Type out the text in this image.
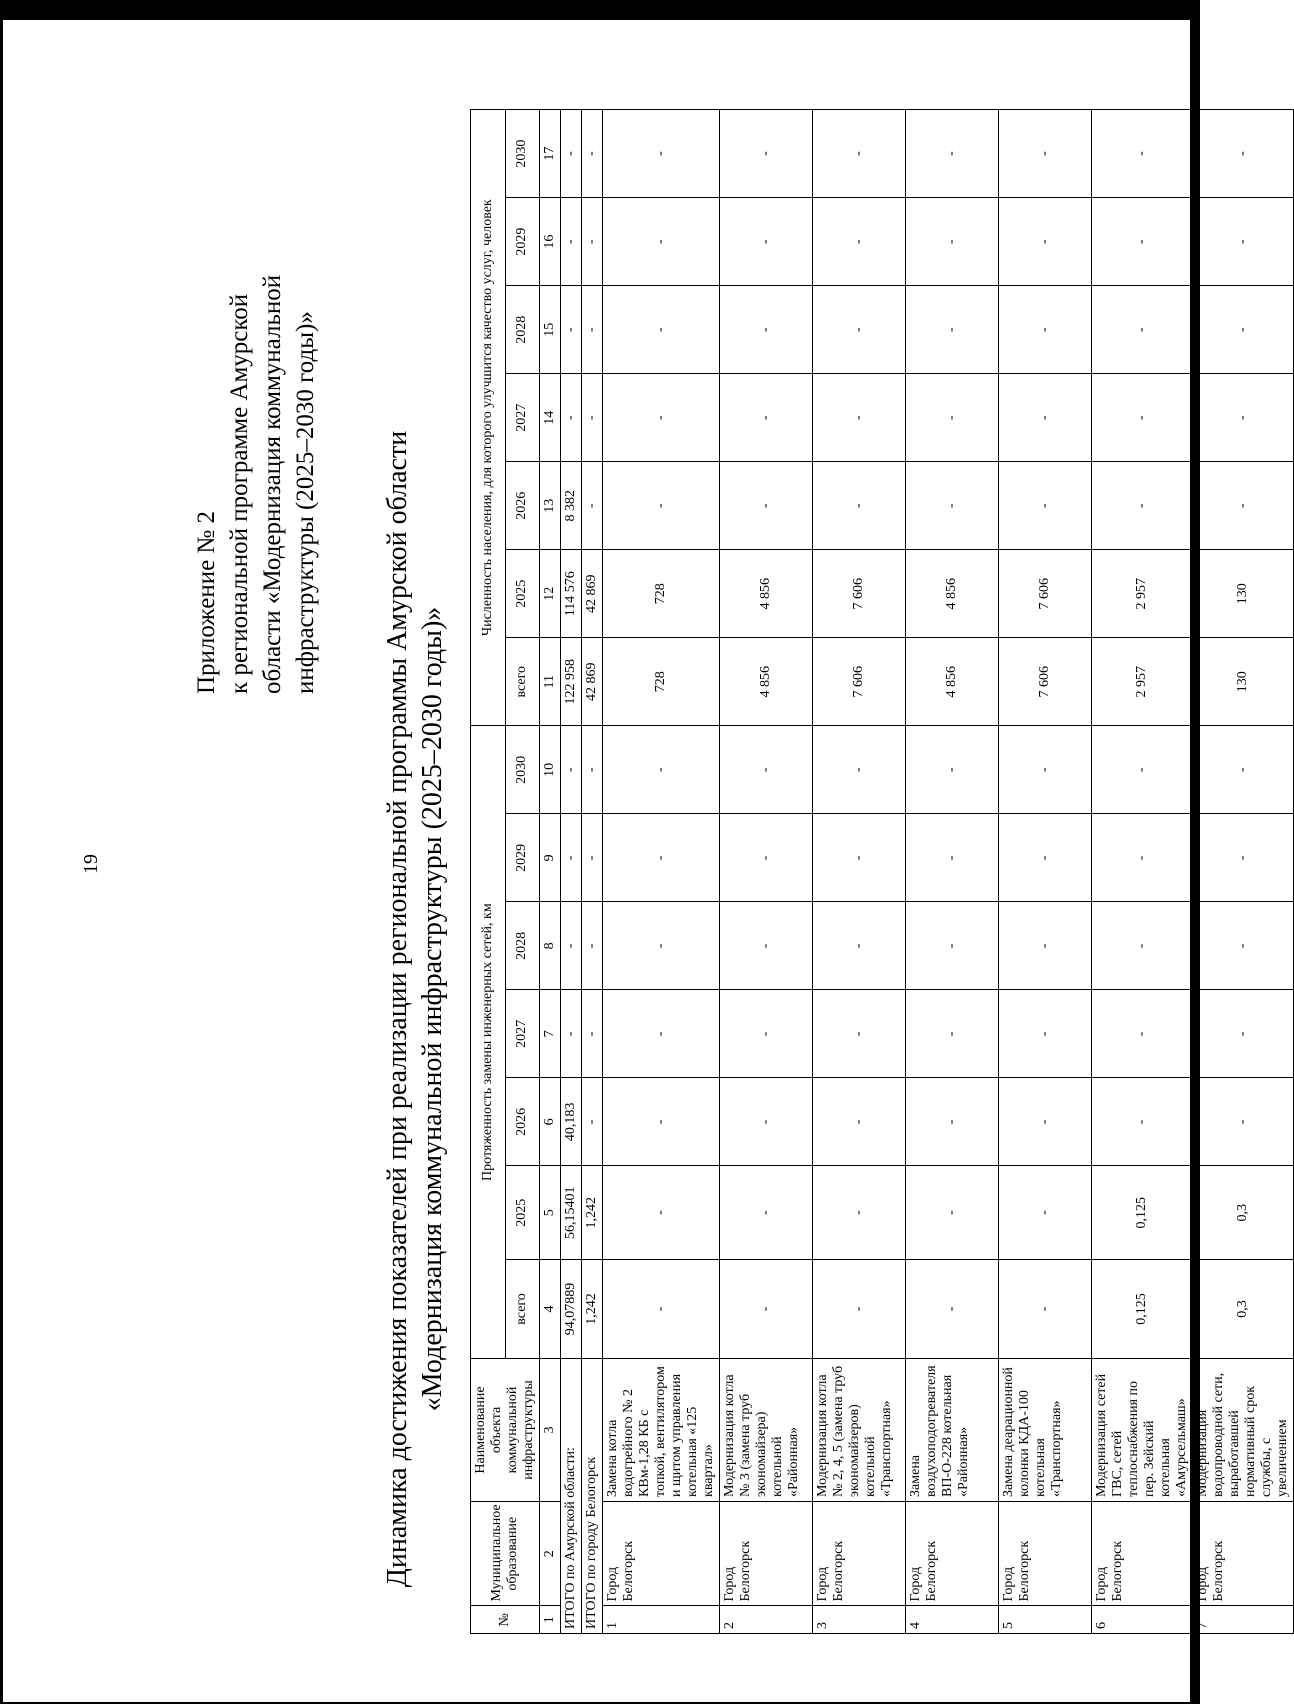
19
Приложение № 2 к региональной программе Амурской области «Модернизация коммунальной инфраструктуры (2025–2030 годы)» Динамика достижения показателей при реализации региональной программы Амурской области «Модернизация коммунальной инфраструктуры (2025–2030 годы)»
№	Муниципальное образование	Наименование объекта коммунальной инфраструктуры	Протяженность замены инженерных сетей, км							Численность населения, для которого улучшится качество услуг, человек						
			всего	2025	2026	2027	2028	2029	2030	всего	2025	2026	2027	2028	2029	2030
1	2	3	4	5	6	7	8	9	10	11	12	13	14	15	16	17
ИТОГО по Амурской области:			94,07889	56,15401	40,183	-	-	-	-	122 958	114 576	8 382	-	-	-	-
ИТОГО по городу Белогорск			1,242	1,242	-	-	-	-	-	42 869	42 869	-	-	-	-	-
1	Город Белогорск	Замена котла водогрейного № 2 КВм-1,28 КБ с топкой, вентилятором и щитом управления котельная «125 квартал»	-	-	-	-	-	-	-	728	728	-	-	-	-	-
2	Город Белогорск	Модернизация котла № 3 (замена труб экономайзера) котельной «Районная»	-	-	-	-	-	-	-	4 856	4 856	-	-	-	-	-
3	Город Белогорск	Модернизация котла № 2, 4, 5 (замена труб экономайзеров) котельной «Транспортная»	-	-	-	-	-	-	-	7 606	7 606	-	-	-	-	-
4	Город Белогорск	Замена воздухоподогревателя ВП-О-228 котельная «Районная»	-	-	-	-	-	-	-	4 856	4 856	-	-	-	-	-
5	Город Белогорск	Замена деарационной колонки КДА-100 котельная «Транспортная»	-	-	-	-	-	-	-	7 606	7 606	-	-	-	-	-
6	Город Белогорск	Модернизация сетей ГВС, сетей теплоснабжения по пер. Зейский котельная «Амурсельмаш»	0,125	0,125	-	-	-	-	-	2 957	2 957	-	-	-	-	-
7	Город Белогорск	Модернизация водопроводной сети, выработавшей нормативный срок службы, с увеличением	0,3	0,3	-	-	-	-	-	130	130	-	-	-	-	-
